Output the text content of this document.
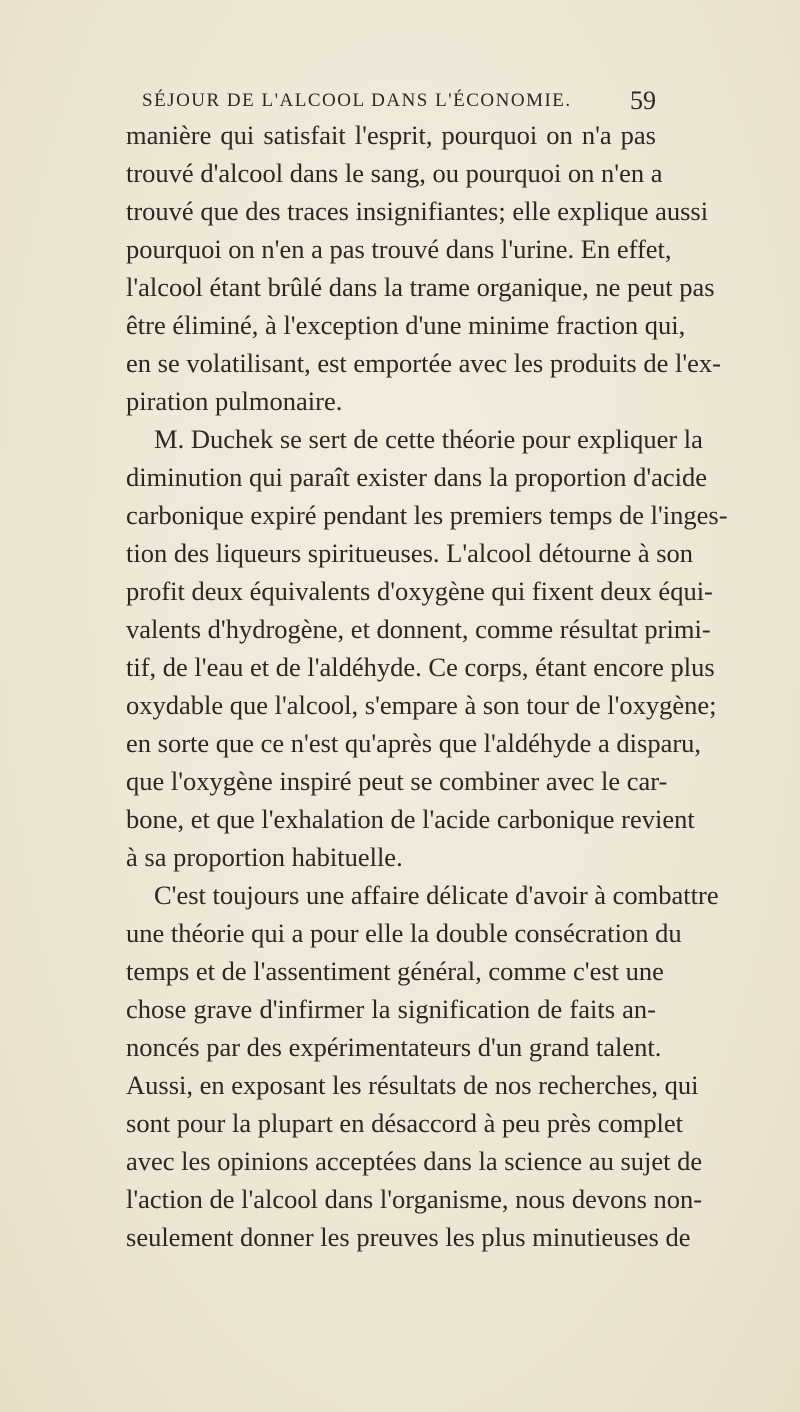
SÉJOUR DE L'ALCOOL DANS L'ÉCONOMIE. 59
manière qui satisfait l'esprit, pourquoi on n'a pas
trouvé d'alcool dans le sang, ou pourquoi on n'en a
trouvé que des traces insignifiantes; elle explique aussi
pourquoi on n'en a pas trouvé dans l'urine. En effet,
l'alcool étant brûlé dans la trame organique, ne peut pas
être éliminé, à l'exception d'une minime fraction qui,
en se volatilisant, est emportée avec les produits de l'ex-
piration pulmonaire.
M. Duchek se sert de cette théorie pour expliquer la
diminution qui paraît exister dans la proportion d'acide
carbonique expiré pendant les premiers temps de l'inges-
tion des liqueurs spiritueuses. L'alcool détourne à son
profit deux équivalents d'oxygène qui fixent deux équi-
valents d'hydrogène, et donnent, comme résultat primi-
tif, de l'eau et de l'aldéhyde. Ce corps, étant encore plus
oxydable que l'alcool, s'empare à son tour de l'oxygène;
en sorte que ce n'est qu'après que l'aldéhyde a disparu,
que l'oxygène inspiré peut se combiner avec le car-
bone, et que l'exhalation de l'acide carbonique revient
à sa proportion habituelle.
C'est toujours une affaire délicate d'avoir à combattre
une théorie qui a pour elle la double consécration du
temps et de l'assentiment général, comme c'est une
chose grave d'infirmer la signification de faits an-
noncés par des expérimentateurs d'un grand talent.
Aussi, en exposant les résultats de nos recherches, qui
sont pour la plupart en désaccord à peu près complet
avec les opinions acceptées dans la science au sujet de
l'action de l'alcool dans l'organisme, nous devons non-
seulement donner les preuves les plus minutieuses de
